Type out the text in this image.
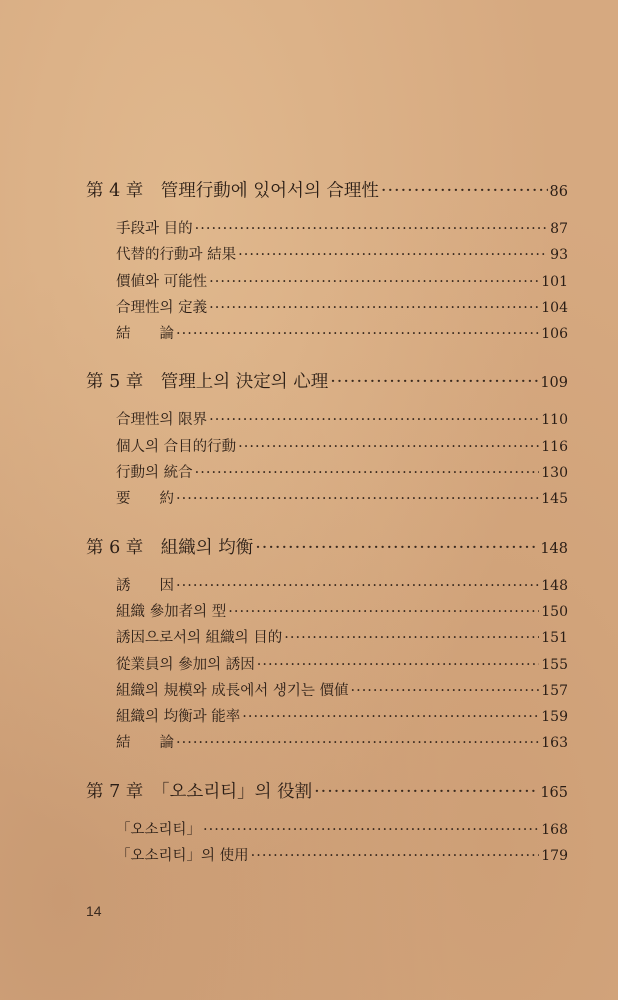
第 4 章　管理行動에 있어서의 合理性 ·····	86
手段과 目的 ·····	87
代替的行動과 結果 ·····	93
價値와 可能性 ·····	101
合理性의 定義 ·····	104
結　　論 ·····	106
第 5 章　管理上의 決定의 心理 ·····	109
合理性의 限界 ·····	110
個人의 合目的行動 ·····	116
行動의 統合 ·····	130
要　　約 ·····	145
第 6 章　組織의 均衡 ·····	148
誘　　因 ·····	148
組織 參加者의 型 ·····	150
誘因으로서의 組織의 目的 ·····	151
從業員의 參加의 誘因 ·····	155
組織의 規模와 成長에서 생기는 價値 ·····	157
組織의 均衡과 能率 ·····	159
結　　論 ·····	163
第 7 章　「오소리티」의 役割 ·····	165
「오소리티」 ·····	168
「오소리티」의 使用 ·····	179
14
